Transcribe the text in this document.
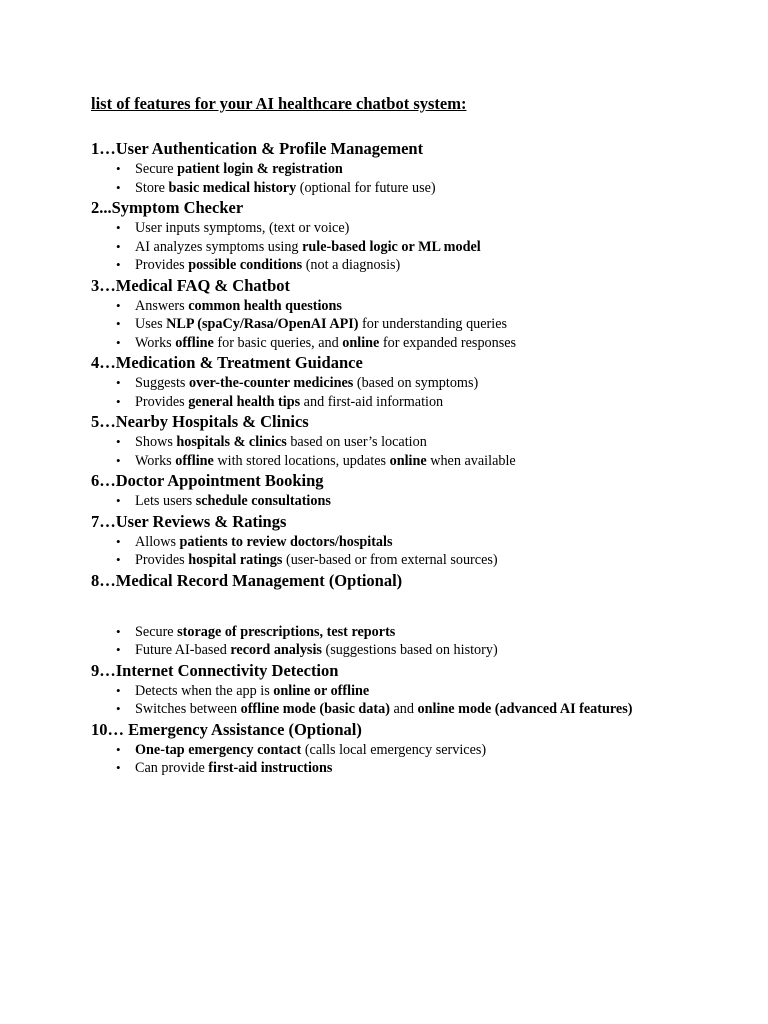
list of features for your AI healthcare chatbot system:

1…User Authentication & Profile Management

• Secure patient login & registration
• Store basic medical history (optional for future use)

2...Symptom Checker

• User inputs symptoms, (text or voice)
• AI analyzes symptoms using rule-based logic or ML model
• Provides possible conditions (not a diagnosis)

3…Medical FAQ & Chatbot

• Answers common health questions
• Uses NLP (spaCy/Rasa/OpenAI API) for understanding queries
• Works offline for basic queries, and online for expanded responses

4…Medication & Treatment Guidance

• Suggests over-the-counter medicines (based on symptoms)
• Provides general health tips and first-aid information

5…Nearby Hospitals & Clinics

• Shows hospitals & clinics based on user’s location
• Works offline with stored locations, updates online when available

6…Doctor Appointment Booking

• Lets users schedule consultations

7…User Reviews & Ratings

• Allows patients to review doctors/hospitals
• Provides hospital ratings (user-based or from external sources)

8…Medical Record Management (Optional)

• Secure storage of prescriptions, test reports
• Future AI-based record analysis (suggestions based on history)

9…Internet Connectivity Detection

• Detects when the app is online or offline
• Switches between offline mode (basic data) and online mode (advanced AI features)

10… Emergency Assistance (Optional)

• One-tap emergency contact (calls local emergency services)
• Can provide first-aid instructions
